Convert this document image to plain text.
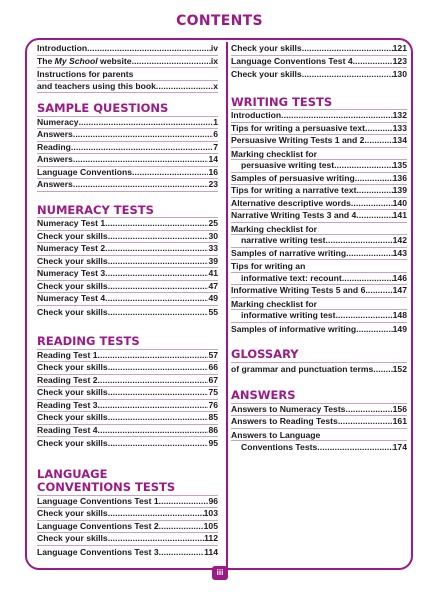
CONTENTS
Introduction .....	iv
The My School website .....	ix
Instructions for parents
and teachers using this book .....	x
SAMPLE QUESTIONS
Numeracy .....	1
Answers .....	6
Reading .....	7
Answers .....	14
Language Conventions .....	16
Answers .....	23
NUMERACY TESTS
Numeracy Test 1 .....	25
Check your skills .....	30
Numeracy Test 2 .....	33
Check your skills .....	39
Numeracy Test 3 .....	41
Check your skills .....	47
Numeracy Test 4 .....	49
Check your skills .....	55
READING TESTS
Reading Test 1 .....	57
Check your skills .....	66
Reading Test 2 .....	67
Check your skills .....	75
Reading Test 3 .....	76
Check your skills .....	85
Reading Test 4 .....	86
Check your skills .....	95
LANGUAGE
CONVENTIONS TESTS
Language Conventions Test 1 .....	96
Check your skills .....	103
Language Conventions Test 2 .....	105
Check your skills .....	112
Language Conventions Test 3 .....	114
Check your skills .....	121
Language Conventions Test 4 .....	123
Check your skills .....	130
WRITING TESTS
Introduction .....	132
Tips for writing a persuasive text .....	133
Persuasive Writing Tests 1 and 2 .....	134
Marking checklist for
persuasive writing test .....	135
Samples of persuasive writing .....	136
Tips for writing a narrative text .....	139
Alternative descriptive words .....	140
Narrative Writing Tests 3 and 4 .....	141
Marking checklist for
narrative writing test .....	142
Samples of narrative writing .....	143
Tips for writing an
informative text: recount .....	146
Informative Writing Tests 5 and 6 .....	147
Marking checklist for
informative writing test .....	148
Samples of informative writing .....	149
GLOSSARY
of grammar and punctuation terms ..... 152
ANSWERS
Answers to Numeracy Tests .....	156
Answers to Reading Tests .....	161
Answers to Language
Conventions Tests .....	174
iii
